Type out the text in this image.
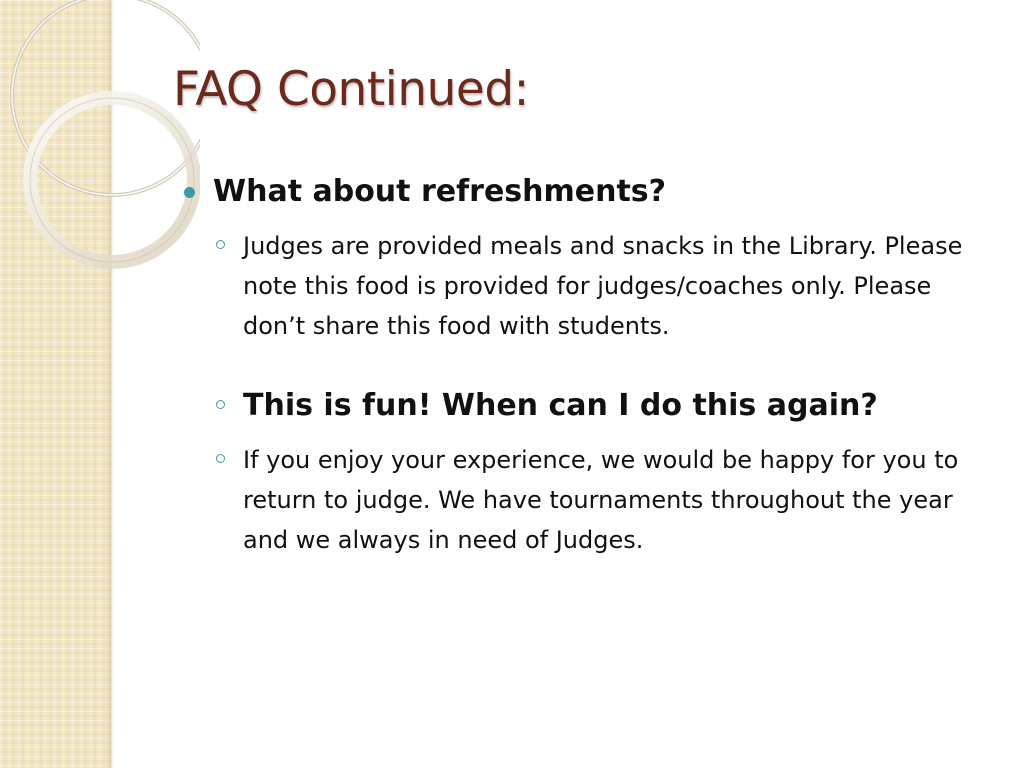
FAQ Continued:
What about refreshments?
Judges are provided meals and snacks in the Library. Please note this food is provided for judges/coaches only. Please don’t share this food with students.
This is fun! When can I do this again?
If you enjoy your experience, we would be happy for you to return to judge. We have tournaments throughout the year and we always in need of Judges.
